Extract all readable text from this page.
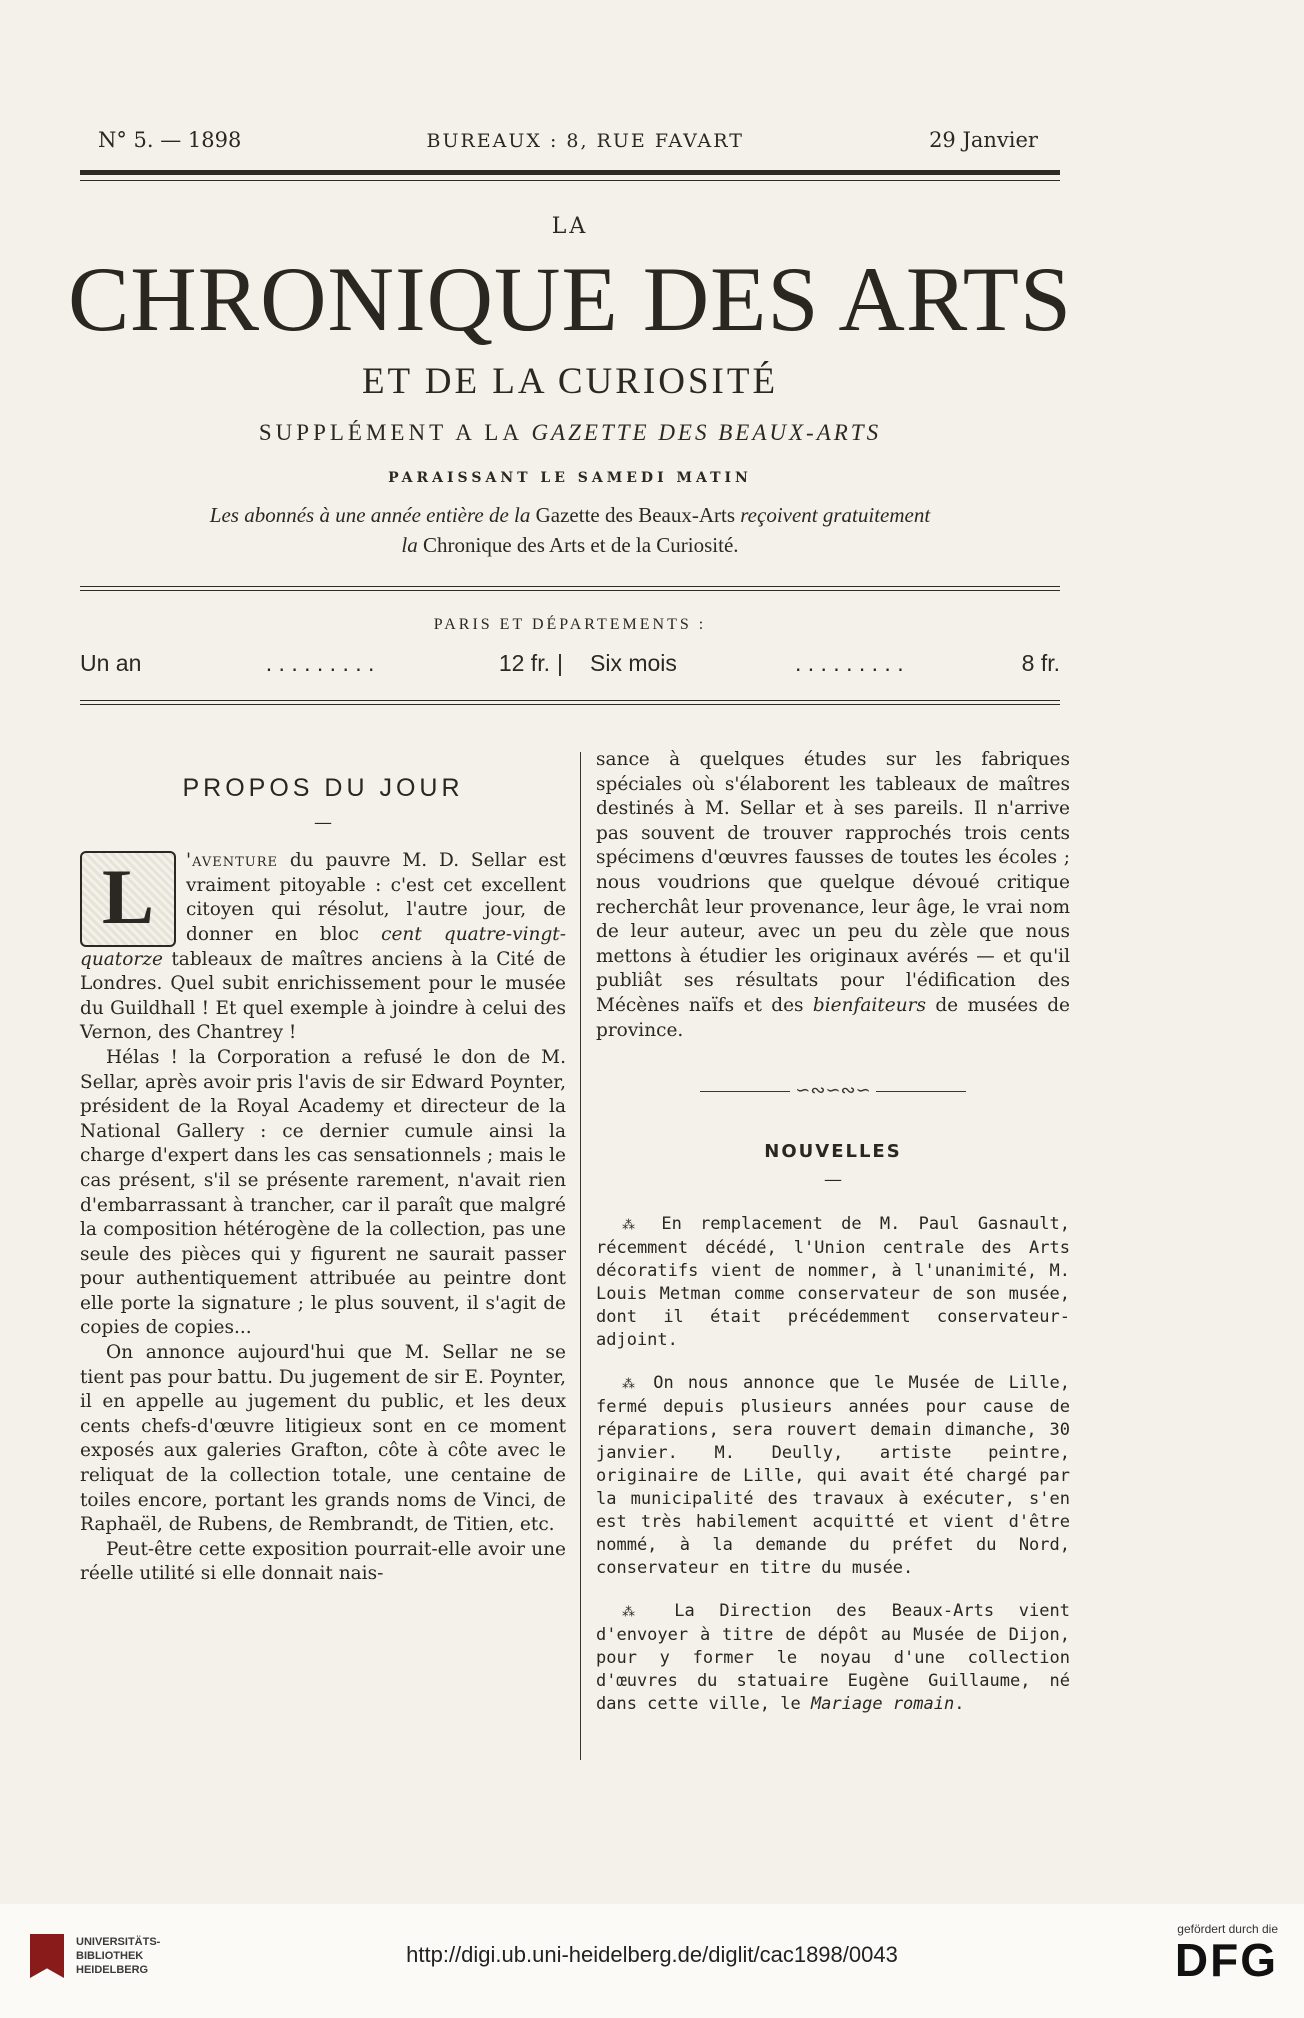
N° 5. — 1898	BUREAUX : 8, RUE FAVART	29 Janvier
LA
CHRONIQUE DES ARTS
ET DE LA CURIOSITÉ
SUPPLÉMENT A LA GAZETTE DES BEAUX-ARTS
PARAISSANT LE SAMEDI MATIN
Les abonnés à une année entière de la Gazette des Beaux-Arts reçoivent gratuitement
la Chronique des Arts et de la Curiosité.
PARIS ET DÉPARTEMENTS :
Un an	. . . . . . . . .	12 fr. |	Six mois	. . . . . . . . .	8 fr.
PROPOS DU JOUR
—

L	'aventure du pauvre M. D. Sellar est vraiment pitoyable : c'est cet excellent citoyen qui résolut, l'autre jour, de donner en bloc cent quatre-vingt-quatorze tableaux de maîtres anciens à la Cité de Londres. Quel subit enrichissement pour le musée du Guildhall ! Et quel exemple à joindre à celui des Vernon, des Chantrey !

Hélas ! la Corporation a refusé le don de M. Sellar, après avoir pris l'avis de sir Edward Poynter, président de la Royal Academy et directeur de la National Gallery : ce dernier cumule ainsi la charge d'expert dans les cas sensationnels ; mais le cas présent, s'il se présente rarement, n'avait rien d'embarrassant à trancher, car il paraît que malgré la composition hétérogène de la collection, pas une seule des pièces qui y figurent ne saurait passer pour authentiquement attribuée au peintre dont elle porte la signature ; le plus souvent, il s'agit de copies de copies...

On annonce aujourd'hui que M. Sellar ne se tient pas pour battu. Du jugement de sir E. Poynter, il en appelle au jugement du public, et les deux cents chefs-d'œuvre litigieux sont en ce moment exposés aux galeries Grafton, côte à côte avec le reliquat de la collection totale, une centaine de toiles encore, portant les grands noms de Vinci, de Raphaël, de Rubens, de Rembrandt, de Titien, etc.

Peut-être cette exposition pourrait-elle avoir une réelle utilité si elle donnait nais-

sance à quelques études sur les fabriques spéciales où s'élaborent les tableaux de maîtres destinés à M. Sellar et à ses pareils. Il n'arrive pas souvent de trouver rapprochés trois cents spécimens d'œuvres fausses de toutes les écoles ; nous voudrions que quelque dévoué critique recherchât leur provenance, leur âge, le vrai nom de leur auteur, avec un peu du zèle que nous mettons à étudier les originaux avérés — et qu'il publiât ses résultats pour l'édification des Mécènes naïfs et des bienfaiteurs de musées de province.

∽∾∽∾∽
NOUVELLES
—

⁂ En remplacement de M. Paul Gasnault, récemment décédé, l'Union centrale des Arts décoratifs vient de nommer, à l'unanimité, M. Louis Metman comme conservateur de son musée, dont il était précédemment conservateur-adjoint.

⁂ On nous annonce que le Musée de Lille, fermé depuis plusieurs années pour cause de réparations, sera rouvert demain dimanche, 30 janvier. M. Deully, artiste peintre, originaire de Lille, qui avait été chargé par la municipalité des travaux à exécuter, s'en est très habilement acquitté et vient d'être nommé, à la demande du préfet du Nord, conservateur en titre du musée.

⁂ La Direction des Beaux-Arts vient d'envoyer à titre de dépôt au Musée de Dijon, pour y former le noyau d'une collection d'œuvres du statuaire Eugène Guillaume, né dans cette ville, le Mariage romain.

UNIVERSITÄTS-
BIBLIOTHEK
HEIDELBERG
http://digi.ub.uni-heidelberg.de/diglit/cac1898/0043
gefördert durch die
DFG
